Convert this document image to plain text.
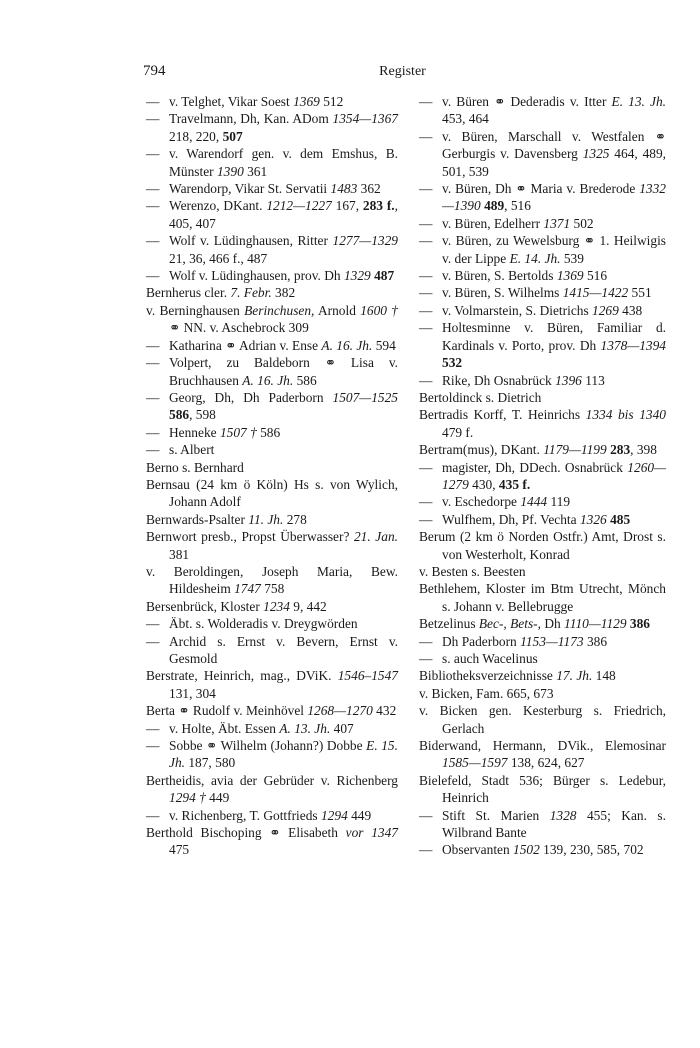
794	Register

— v. Telghet, Vikar Soest 1369 512

— Travelmann, Dh, Kan. ADom 1354—1367 218, 220, 507

— v. Warendorf gen. v. dem Emshus, B. Münster 1390 361

— Warendorp, Vikar St. Servatii 1483 362

— Werenzo, DKant. 1212—1227 167, 283 f., 405, 407

— Wolf v. Lüdinghausen, Ritter 1277—1329 21, 36, 466 f., 487

— Wolf v. Lüdinghausen, prov. Dh 1329 487

Bernherus cler. 7. Febr. 382

v. Berninghausen Berinchusen, Arnold 1600 † ⚭ NN. v. Aschebrock 309

— Katharina ⚭ Adrian v. Ense A. 16. Jh. 594

— Volpert, zu Baldeborn ⚭ Lisa v. Bruchhausen A. 16. Jh. 586

— Georg, Dh, Dh Paderborn 1507—1525 586, 598

— Henneke 1507 † 586

— s. Albert

Berno s. Bernhard

Bernsau (24 km ö Köln) Hs s. von Wylich, Johann Adolf

Bernwards-Psalter 11. Jh. 278

Bernwort presb., Propst Überwasser? 21. Jan. 381

v. Beroldingen, Joseph Maria, Bew. Hildesheim 1747 758

Bersenbrück, Kloster 1234 9, 442

— Äbt. s. Wolderadis v. Dreygwörden

— Archid s. Ernst v. Bevern, Ernst v. Gesmold

Berstrate, Heinrich, mag., DViK. 1546–1547 131, 304

Berta ⚭ Rudolf v. Meinhövel 1268—1270 432

— v. Holte, Äbt. Essen A. 13. Jh. 407

— Sobbe ⚭ Wilhelm (Johann?) Dobbe E. 15. Jh. 187, 580

Bertheidis, avia der Gebrüder v. Richenberg 1294 † 449

— v. Richenberg, T. Gottfrieds 1294 449

Berthold Bischoping ⚭ Elisabeth vor 1347 475

— v. Büren ⚭ Dederadis v. Itter E. 13. Jh. 453, 464

— v. Büren, Marschall v. Westfalen ⚭ Gerburgis v. Davensberg 1325 464, 489, 501, 539

— v. Büren, Dh ⚭ Maria v. Brederode 1332—1390 489, 516

— v. Büren, Edelherr 1371 502

— v. Büren, zu Wewelsburg ⚭ 1. Heilwigis v. der Lippe E. 14. Jh. 539

— v. Büren, S. Bertolds 1369 516

— v. Büren, S. Wilhelms 1415—1422 551

— v. Volmarstein, S. Dietrichs 1269 438

— Holtesminne v. Büren, Familiar d. Kardinals v. Porto, prov. Dh 1378—1394 532

— Rike, Dh Osnabrück 1396 113

Bertoldinck s. Dietrich

Bertradis Korff, T. Heinrichs 1334 bis 1340 479 f.

Bertram(mus), DKant. 1179—1199 283, 398

— magister, Dh, DDech. Osnabrück 1260—1279 430, 435 f.

— v. Eschedorpe 1444 119

— Wulfhem, Dh, Pf. Vechta 1326 485

Berum (2 km ö Norden Ostfr.) Amt, Drost s. von Westerholt, Konrad

v. Besten s. Beesten

Bethlehem, Kloster im Btm Utrecht, Mönch s. Johann v. Bellebrugge

Betzelinus Bec-, Bets-, Dh 1110—1129 386

— Dh Paderborn 1153—1173 386

— s. auch Wacelinus

Bibliotheksverzeichnisse 17. Jh. 148

v. Bicken, Fam. 665, 673

v. Bicken gen. Kesterburg s. Friedrich, Gerlach

Biderwand, Hermann, DVik., Elemosinar 1585—1597 138, 624, 627

Bielefeld, Stadt 536; Bürger s. Ledebur, Heinrich

— Stift St. Marien 1328 455; Kan. s. Wilbrand Bante

— Observanten 1502 139, 230, 585, 702
